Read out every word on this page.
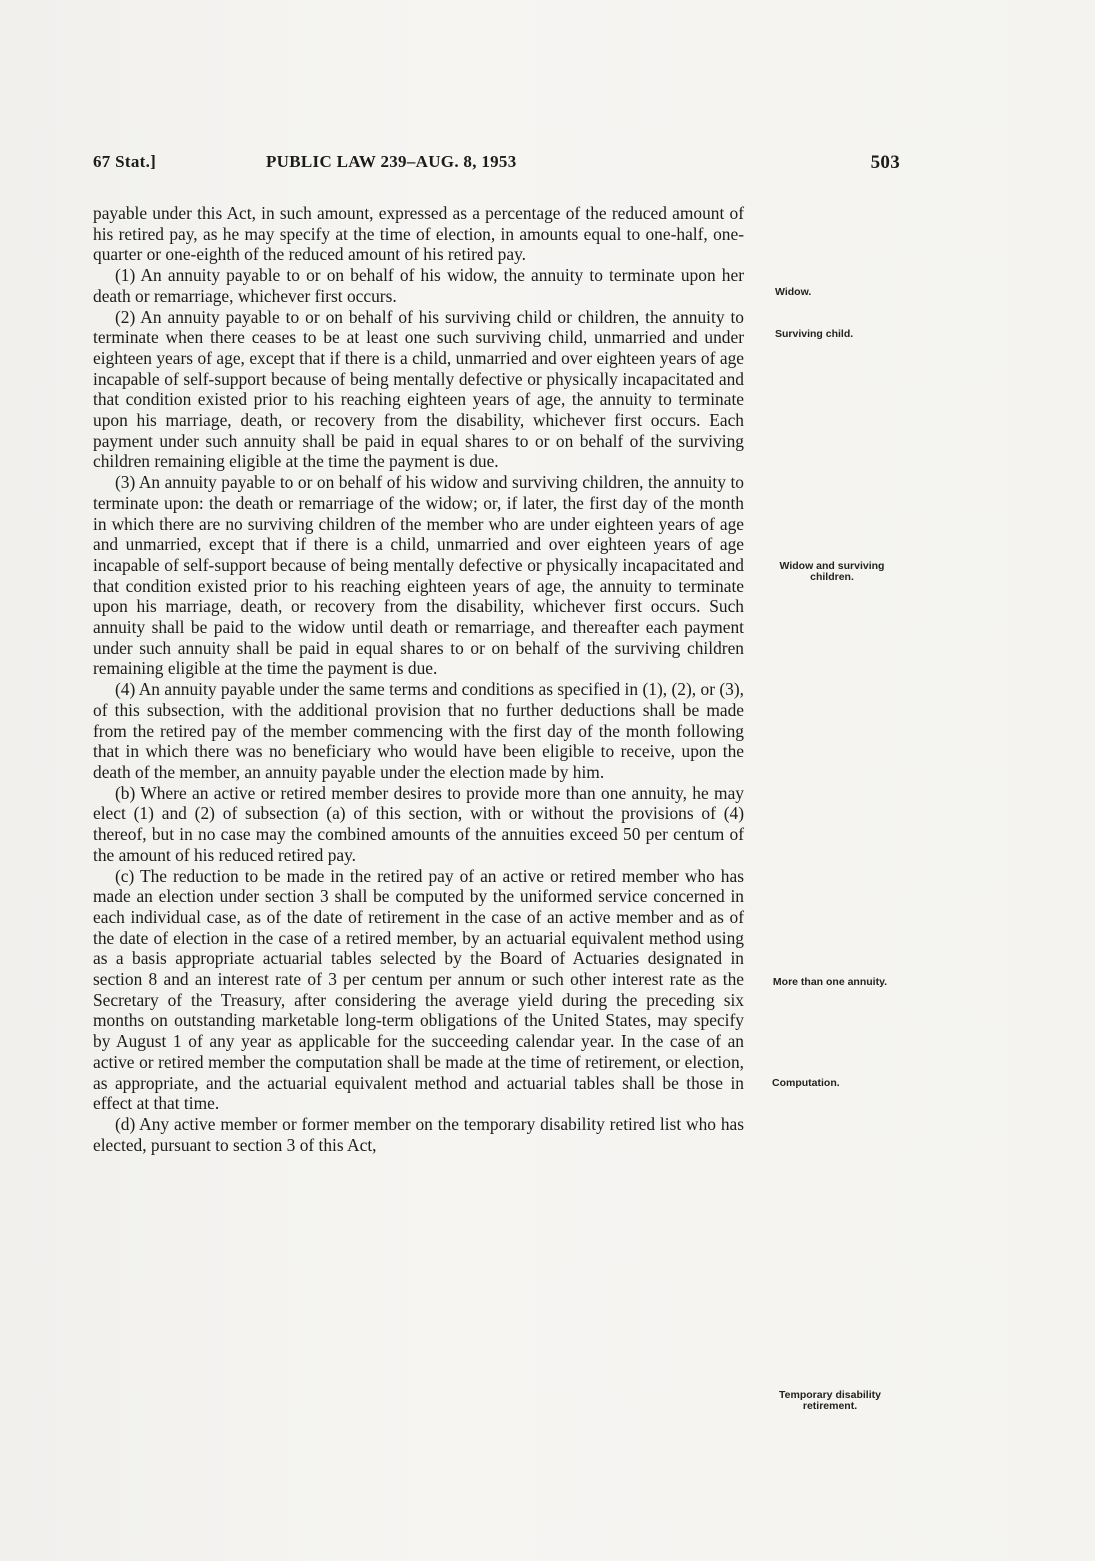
67 Stat.]	PUBLIC LAW 239–AUG. 8, 1953	503

payable under this Act, in such amount, expressed as a percentage of the reduced amount of his retired pay, as he may specify at the time of election, in amounts equal to one-half, one-quarter or one-eighth of the reduced amount of his retired pay.

(1) An annuity payable to or on behalf of his widow, the annuity to terminate upon her death or remarriage, whichever first occurs.

(2) An annuity payable to or on behalf of his surviving child or children, the annuity to terminate when there ceases to be at least one such surviving child, unmarried and under eighteen years of age, except that if there is a child, unmarried and over eighteen years of age incapable of self-support because of being mentally defective or physically incapacitated and that condition existed prior to his reaching eighteen years of age, the annuity to terminate upon his marriage, death, or recovery from the disability, whichever first occurs. Each payment under such annuity shall be paid in equal shares to or on behalf of the surviving children remaining eligible at the time the payment is due.

(3) An annuity payable to or on behalf of his widow and surviving children, the annuity to terminate upon: the death or remarriage of the widow; or, if later, the first day of the month in which there are no surviving children of the member who are under eighteen years of age and unmarried, except that if there is a child, unmarried and over eighteen years of age incapable of self-support because of being mentally defective or physically incapacitated and that condition existed prior to his reaching eighteen years of age, the annuity to terminate upon his marriage, death, or recovery from the disability, whichever first occurs. Such annuity shall be paid to the widow until death or remarriage, and thereafter each payment under such annuity shall be paid in equal shares to or on behalf of the surviving children remaining eligible at the time the payment is due.

(4) An annuity payable under the same terms and conditions as specified in (1), (2), or (3), of this subsection, with the additional provision that no further deductions shall be made from the retired pay of the member commencing with the first day of the month following that in which there was no beneficiary who would have been eligible to receive, upon the death of the member, an annuity payable under the election made by him.

(b) Where an active or retired member desires to provide more than one annuity, he may elect (1) and (2) of subsection (a) of this section, with or without the provisions of (4) thereof, but in no case may the combined amounts of the annuities exceed 50 per centum of the amount of his reduced retired pay.

(c) The reduction to be made in the retired pay of an active or retired member who has made an election under section 3 shall be computed by the uniformed service concerned in each individual case, as of the date of retirement in the case of an active member and as of the date of election in the case of a retired member, by an actuarial equivalent method using as a basis appropriate actuarial tables selected by the Board of Actuaries designated in section 8 and an interest rate of 3 per centum per annum or such other interest rate as the Secretary of the Treasury, after considering the average yield during the preceding six months on outstanding marketable long-term obligations of the United States, may specify by August 1 of any year as applicable for the succeeding calendar year. In the case of an active or retired member the computation shall be made at the time of retirement, or election, as appropriate, and the actuarial equivalent method and actuarial tables shall be those in effect at that time.

(d) Any active member or former member on the temporary disability retired list who has elected, pursuant to section 3 of this Act,

Widow.
Surviving child.
Widow and surviving children.
More than one annuity.
Computation.
Temporary disability retirement.
